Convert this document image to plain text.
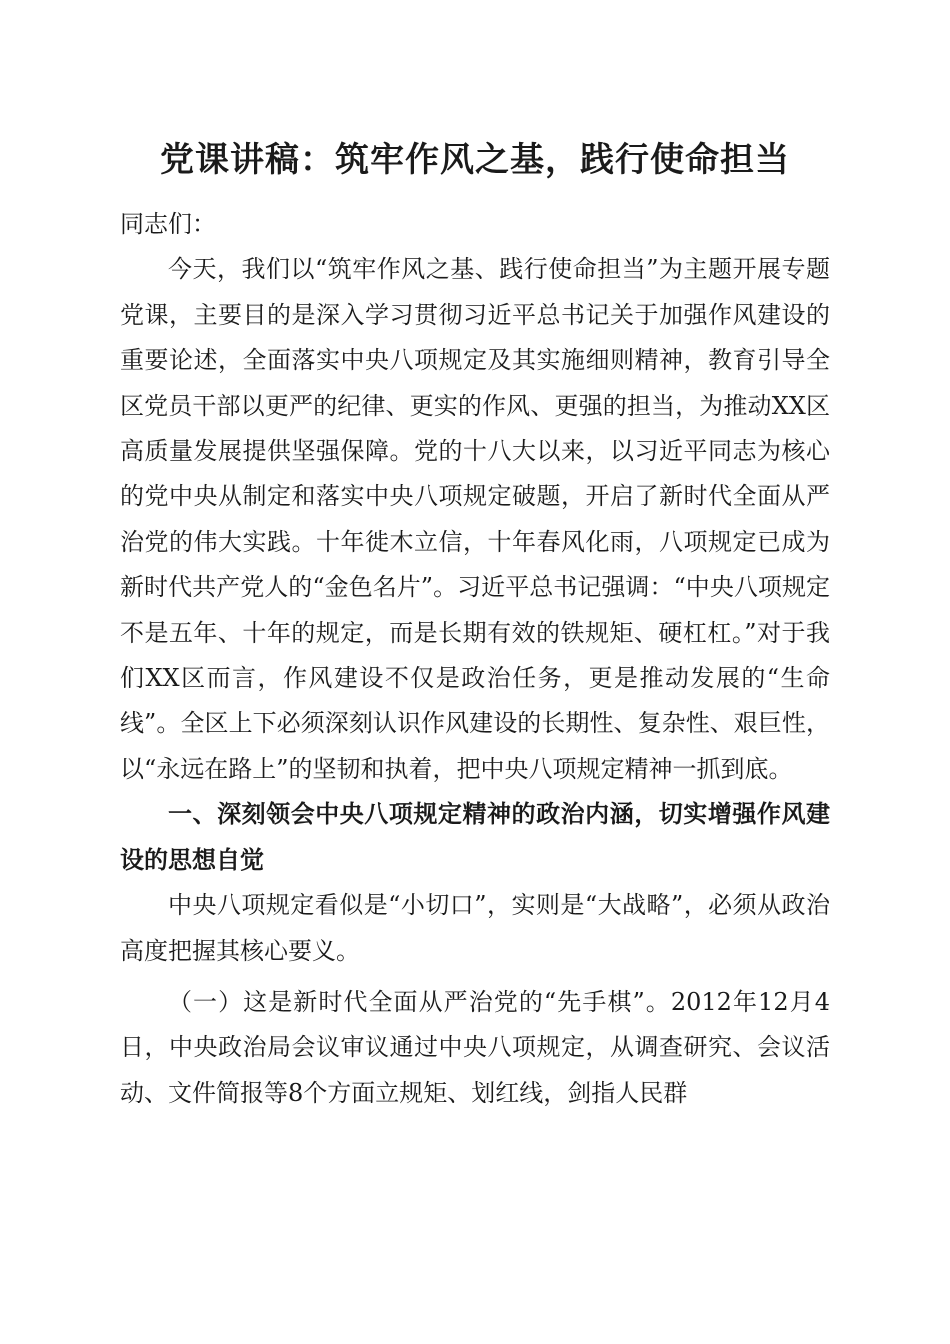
党课讲稿：筑牢作风之基，践行使命担当

同志们：

今天，我们以“筑牢作风之基、践行使命担当”为主题开展专题党课，主要目的是深入学习贯彻习近平总书记关于加强作风建设的重要论述，全面落实中央八项规定及其实施细则精神，教育引导全区党员干部以更严的纪律、更实的作风、更强的担当，为推动XX区高质量发展提供坚强保障。党的十八大以来，以习近平同志为核心的党中央从制定和落实中央八项规定破题，开启了新时代全面从严治党的伟大实践。十年徙木立信，十年春风化雨，八项规定已成为新时代共产党人的“金色名片”。习近平总书记强调：“中央八项规定不是五年、十年的规定，而是长期有效的铁规矩、硬杠杠。”对于我们XX区而言，作风建设不仅是政治任务，更是推动发展的“生命线”。全区上下必须深刻认识作风建设的长期性、复杂性、艰巨性，以“永远在路上”的坚韧和执着，把中央八项规定精神一抓到底。

一、深刻领会中央八项规定精神的政治内涵，切实增强作风建设的思想自觉

中央八项规定看似是“小切口”，实则是“大战略”，必须从政治高度把握其核心要义。

（一）这是新时代全面从严治党的“先手棋”。2012年12月4日，中央政治局会议审议通过中央八项规定，从调查研究、会议活动、文件简报等8个方面立规矩、划红线，剑指人民群
